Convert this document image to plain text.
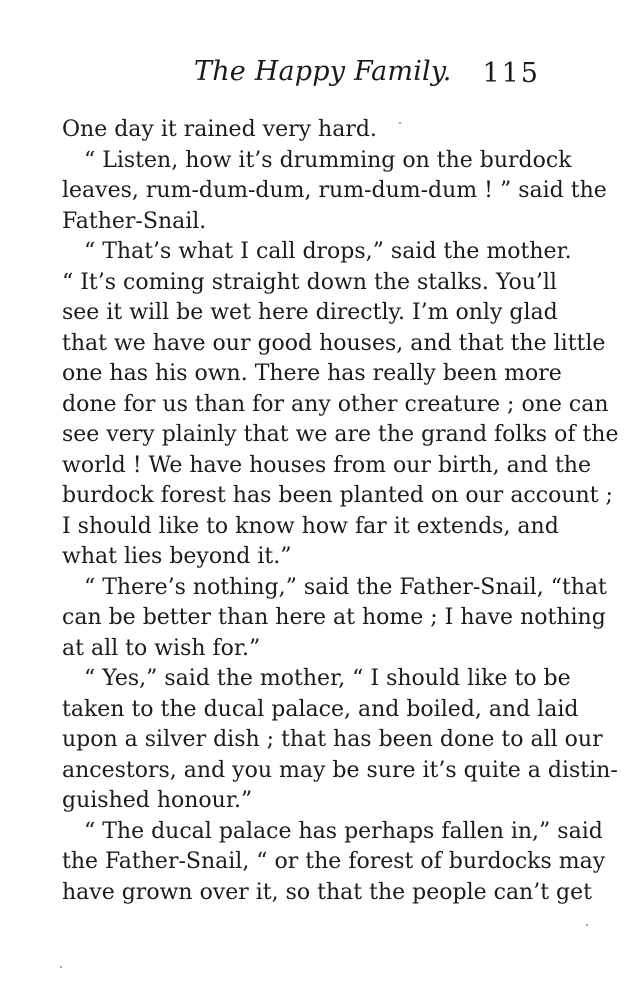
The Happy Family. 115
One day it rained very hard.
“ Listen, how it’s drumming on the burdock
leaves, rum-dum-dum, rum-dum-dum ! ” said the
Father-Snail.
“ That’s what I call drops,” said the mother.
“ It’s coming straight down the stalks. You’ll
see it will be wet here directly. I’m only glad
that we have our good houses, and that the little
one has his own. There has really been more
done for us than for any other creature ; one can
see very plainly that we are the grand folks of the
world ! We have houses from our birth, and the
burdock forest has been planted on our account ;
I should like to know how far it extends, and
what lies beyond it.”
“ There’s nothing,” said the Father-Snail, “that
can be better than here at home ; I have nothing
at all to wish for.”
“ Yes,” said the mother, “ I should like to be
taken to the ducal palace, and boiled, and laid
upon a silver dish ; that has been done to all our
ancestors, and you may be sure it’s quite a distin-
guished honour.”
“ The ducal palace has perhaps fallen in,” said
the Father-Snail, “ or the forest of burdocks may
have grown over it, so that the people can’t get
